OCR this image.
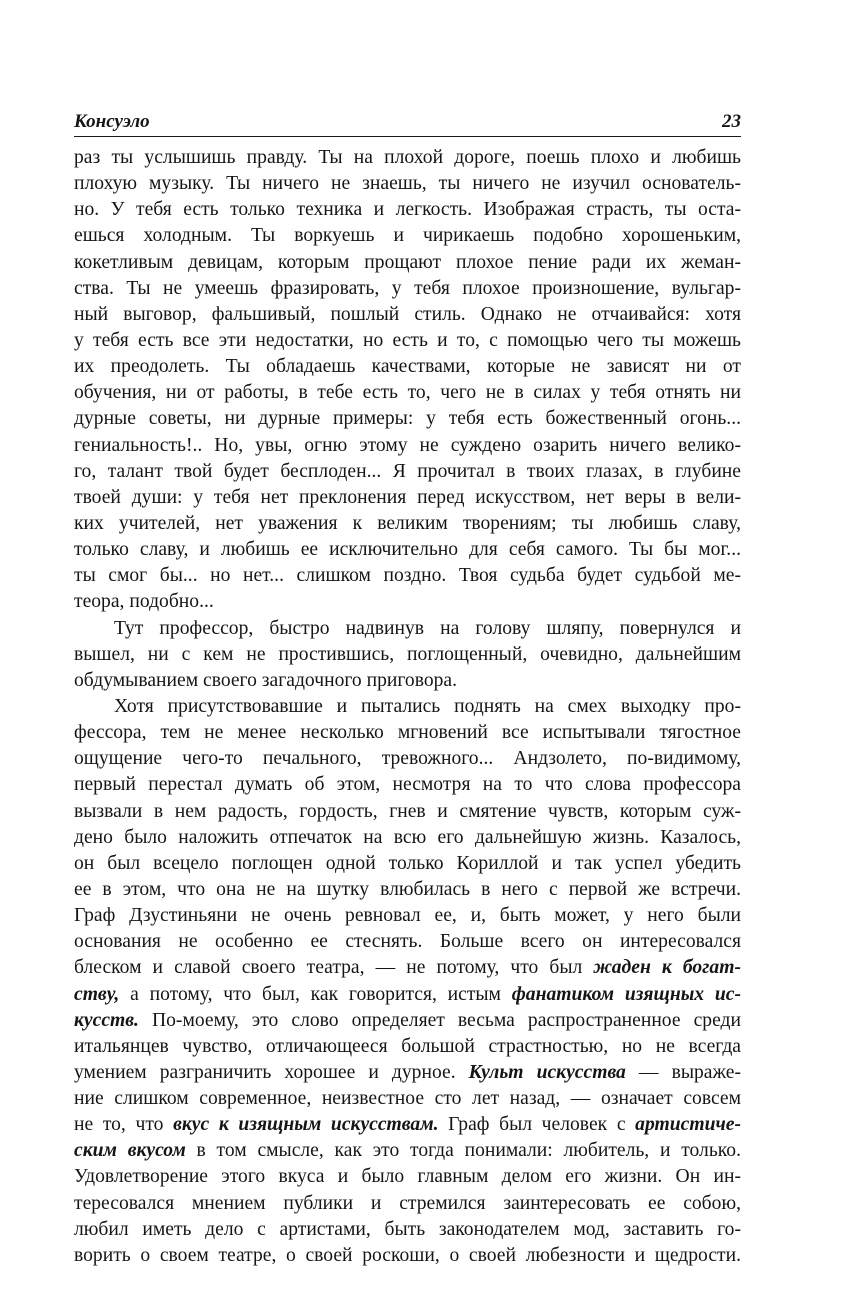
Консуэло	23
раз ты услышишь правду. Ты на плохой дороге, поешь плохо и любишь
плохую музыку. Ты ничего не знаешь, ты ничего не изучил основатель-
но. У тебя есть только техника и легкость. Изображая страсть, ты оста-
ешься холодным. Ты воркуешь и чирикаешь подобно хорошеньким,
кокетливым девицам, которым прощают плохое пение ради их жеман-
ства. Ты не умеешь фразировать, у тебя плохое произношение, вульгар-
ный выговор, фальшивый, пошлый стиль. Однако не отчаивайся: хотя
у тебя есть все эти недостатки, но есть и то, с помощью чего ты можешь
их преодолеть. Ты обладаешь качествами, которые не зависят ни от
обучения, ни от работы, в тебе есть то, чего не в силах у тебя отнять ни
дурные советы, ни дурные примеры: у тебя есть божественный огонь...
гениальность!.. Но, увы, огню этому не суждено озарить ничего велико-
го, талант твой будет бесплоден... Я прочитал в твоих глазах, в глубине
твоей души: у тебя нет преклонения перед искусством, нет веры в вели-
ких учителей, нет уважения к великим творениям; ты любишь славу,
только славу, и любишь ее исключительно для себя самого. Ты бы мог...
ты смог бы... но нет... слишком поздно. Твоя судьба будет судьбой ме-
теора, подобно...
Тут профессор, быстро надвинув на голову шляпу, повернулся и
вышел, ни с кем не простившись, поглощенный, очевидно, дальнейшим
обдумыванием своего загадочного приговора.
Хотя присутствовавшие и пытались поднять на смех выходку про-
фессора, тем не менее несколько мгновений все испытывали тягостное
ощущение чего-то печального, тревожного... Андзолето, по-видимому,
первый перестал думать об этом, несмотря на то что слова профессора
вызвали в нем радость, гордость, гнев и смятение чувств, которым суж-
дено было наложить отпечаток на всю его дальнейшую жизнь. Казалось,
он был всецело поглощен одной только Кориллой и так успел убедить
ее в этом, что она не на шутку влюбилась в него с первой же встречи.
Граф Дзустиньяни не очень ревновал ее, и, быть может, у него были
основания не особенно ее стеснять. Больше всего он интересовался
блеском и славой своего театра, — не потому, что был жаден к богат-
ству, а потому, что был, как говорится, истым фанатиком изящных ис-
кусств. По-моему, это слово определяет весьма распространенное среди
итальянцев чувство, отличающееся большой страстностью, но не всегда
умением разграничить хорошее и дурное. Культ искусства — выраже-
ние слишком современное, неизвестное сто лет назад, — означает совсем
не то, что вкус к изящным искусствам. Граф был человек с артистиче-
ским вкусом в том смысле, как это тогда понимали: любитель, и только.
Удовлетворение этого вкуса и было главным делом его жизни. Он ин-
тересовался мнением публики и стремился заинтересовать ее собою,
любил иметь дело с артистами, быть законодателем мод, заставить го-
ворить о своем театре, о своей роскоши, о своей любезности и щедрости.
